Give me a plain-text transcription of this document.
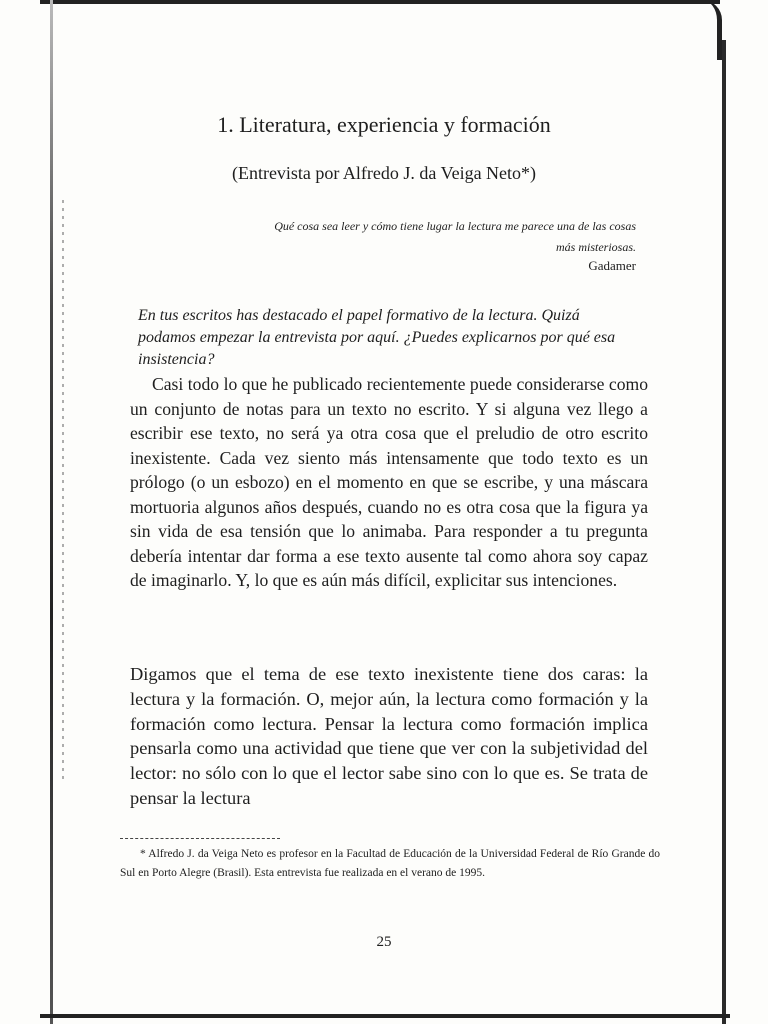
1. Literatura, experiencia y formación
(Entrevista por Alfredo J. da Veiga Neto*)
Qué cosa sea leer y cómo tiene lugar la lectura me parece una de las cosas más misteriosas.
Gadamer
En tus escritos has destacado el papel formativo de la lectura. Quizá podamos empezar la entrevista por aquí. ¿Puedes explicarnos por qué esa insistencia?
Casi todo lo que he publicado recientemente puede considerarse como un conjunto de notas para un texto no escrito. Y si alguna vez llego a escribir ese texto, no será ya otra cosa que el preludio de otro escrito inexistente. Cada vez siento más intensamente que todo texto es un prólogo (o un esbozo) en el momento en que se escribe, y una máscara mortuoria algunos años después, cuando no es otra cosa que la figura ya sin vida de esa tensión que lo animaba. Para responder a tu pregunta debería intentar dar forma a ese texto ausente tal como ahora soy capaz de imaginarlo. Y, lo que es aún más difícil, explicitar sus intenciones.
Digamos que el tema de ese texto inexistente tiene dos caras: la lectura y la formación. O, mejor aún, la lectura como formación y la formación como lectura. Pensar la lectura como formación implica pensarla como una actividad que tiene que ver con la subjetividad del lector: no sólo con lo que el lector sabe sino con lo que es. Se trata de pensar la lectura
* Alfredo J. da Veiga Neto es profesor en la Facultad de Educación de la Universidad Federal de Río Grande do Sul en Porto Alegre (Brasil). Esta entrevista fue realizada en el verano de 1995.
25
